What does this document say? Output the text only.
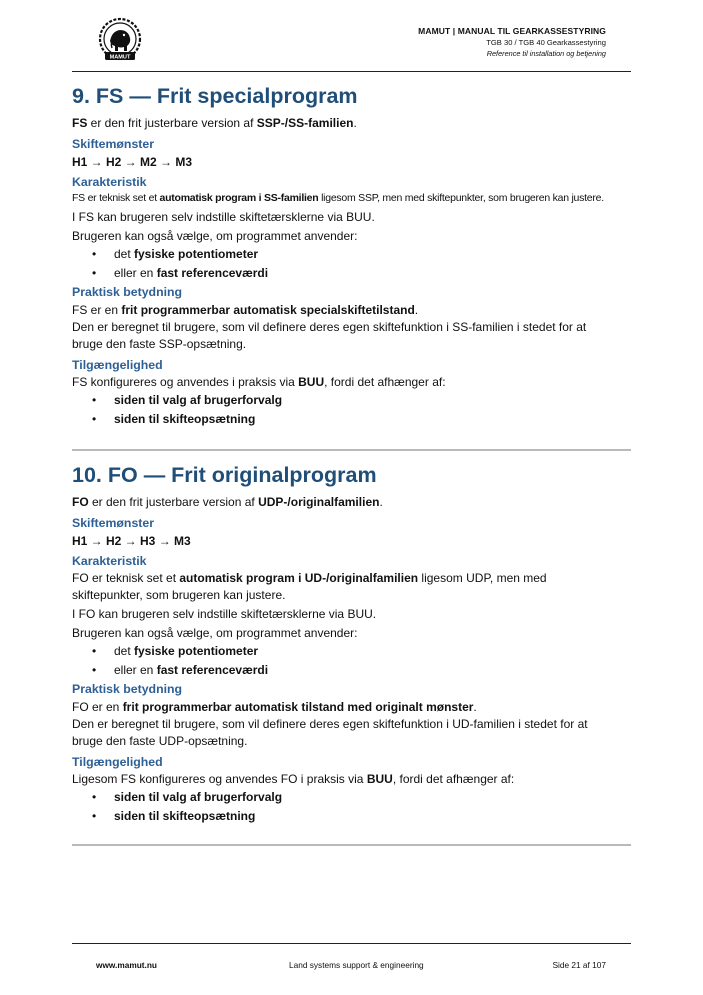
MAMUT
MAMUT | MANUAL TIL GEARKASSESTYRING
TGB 30 / TGB 40 Gearkassestyring
Reference til installation og betjening
9. FS — Frit specialprogram

FS er den frit justerbare version af SSP-/SS-familien.

Skiftemønster
H1 → H2 → M2 → M3
Karakteristik

FS er teknisk set et automatisk program i SS-familien ligesom SSP, men med skiftepunkter, som brugeren kan justere.

I FS kan brugeren selv indstille skiftetærsklerne via BUU.

Brugeren kan også vælge, om programmet anvender:

• det fysiske potentiometer
• eller en fast referenceværdi
Praktisk betydning

FS er en frit programmerbar automatisk specialskiftetilstand.

Den er beregnet til brugere, som vil definere deres egen skiftefunktion i SS-familien i stedet for at bruge den faste SSP-opsætning.

Tilgængelighed

FS konfigureres og anvendes i praksis via BUU, fordi det afhænger af:

• siden til valg af brugerforvalg
• siden til skifteopsætning
10. FO — Frit originalprogram

FO er den frit justerbare version af UDP-/originalfamilien.

Skiftemønster
H1 → H2 → H3 → M3
Karakteristik

FO er teknisk set et automatisk program i UD-/originalfamilien ligesom UDP, men med skiftepunkter, som brugeren kan justere.

I FO kan brugeren selv indstille skiftetærsklerne via BUU.

Brugeren kan også vælge, om programmet anvender:

• det fysiske potentiometer
• eller en fast referenceværdi
Praktisk betydning

FO er en frit programmerbar automatisk tilstand med originalt mønster.

Den er beregnet til brugere, som vil definere deres egen skiftefunktion i UD-familien i stedet for at bruge den faste UDP-opsætning.

Tilgængelighed

Ligesom FS konfigureres og anvendes FO i praksis via BUU, fordi det afhænger af:

• siden til valg af brugerforvalg
• siden til skifteopsætning
www.mamut.nu	Land systems support & engineering	Side 21 af 107
